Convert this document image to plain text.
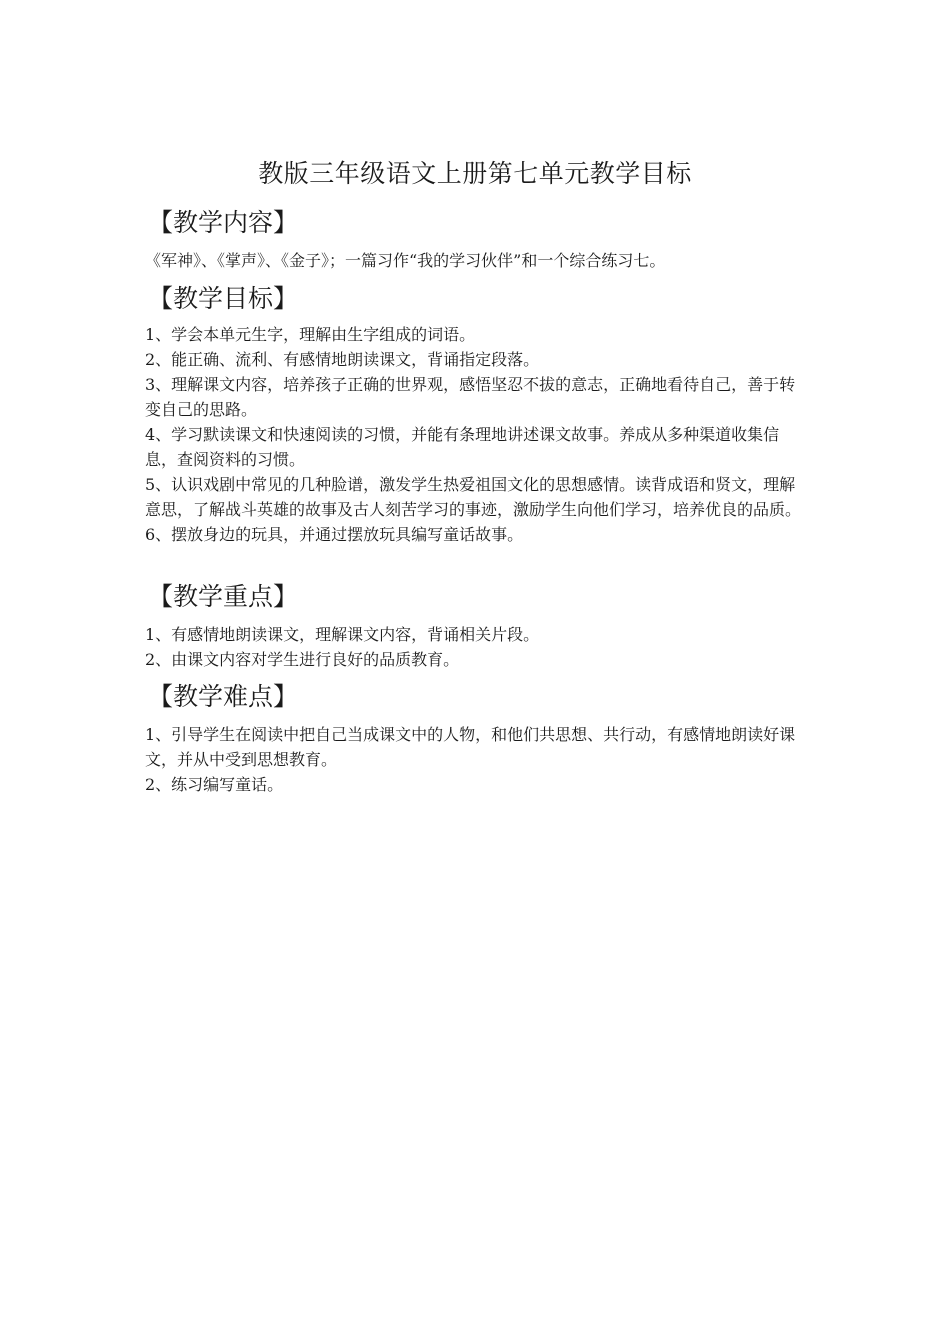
教版三年级语文上册第七单元教学目标
【教学内容】

《军神》、《掌声》、《金子》；一篇习作“我的学习伙伴”和一个综合练习七。

【教学目标】

1、学会本单元生字，理解由生字组成的词语。

2、能正确、流利、有感情地朗读课文，背诵指定段落。

3、理解课文内容，培养孩子正确的世界观，感悟坚忍不拔的意志，正确地看待自己，善于转变自己的思路。

4、学习默读课文和快速阅读的习惯，并能有条理地讲述课文故事。养成从多种渠道收集信息，查阅资料的习惯。

5、认识戏剧中常见的几种脸谱，激发学生热爱祖国文化的思想感情。读背成语和贤文，理解意思，了解战斗英雄的故事及古人刻苦学习的事迹，激励学生向他们学习，培养优良的品质。

6、摆放身边的玩具，并通过摆放玩具编写童话故事。

【教学重点】

1、有感情地朗读课文，理解课文内容，背诵相关片段。

2、由课文内容对学生进行良好的品质教育。

【教学难点】

1、引导学生在阅读中把自己当成课文中的人物，和他们共思想、共行动，有感情地朗读好课文，并从中受到思想教育。

2、练习编写童话。
